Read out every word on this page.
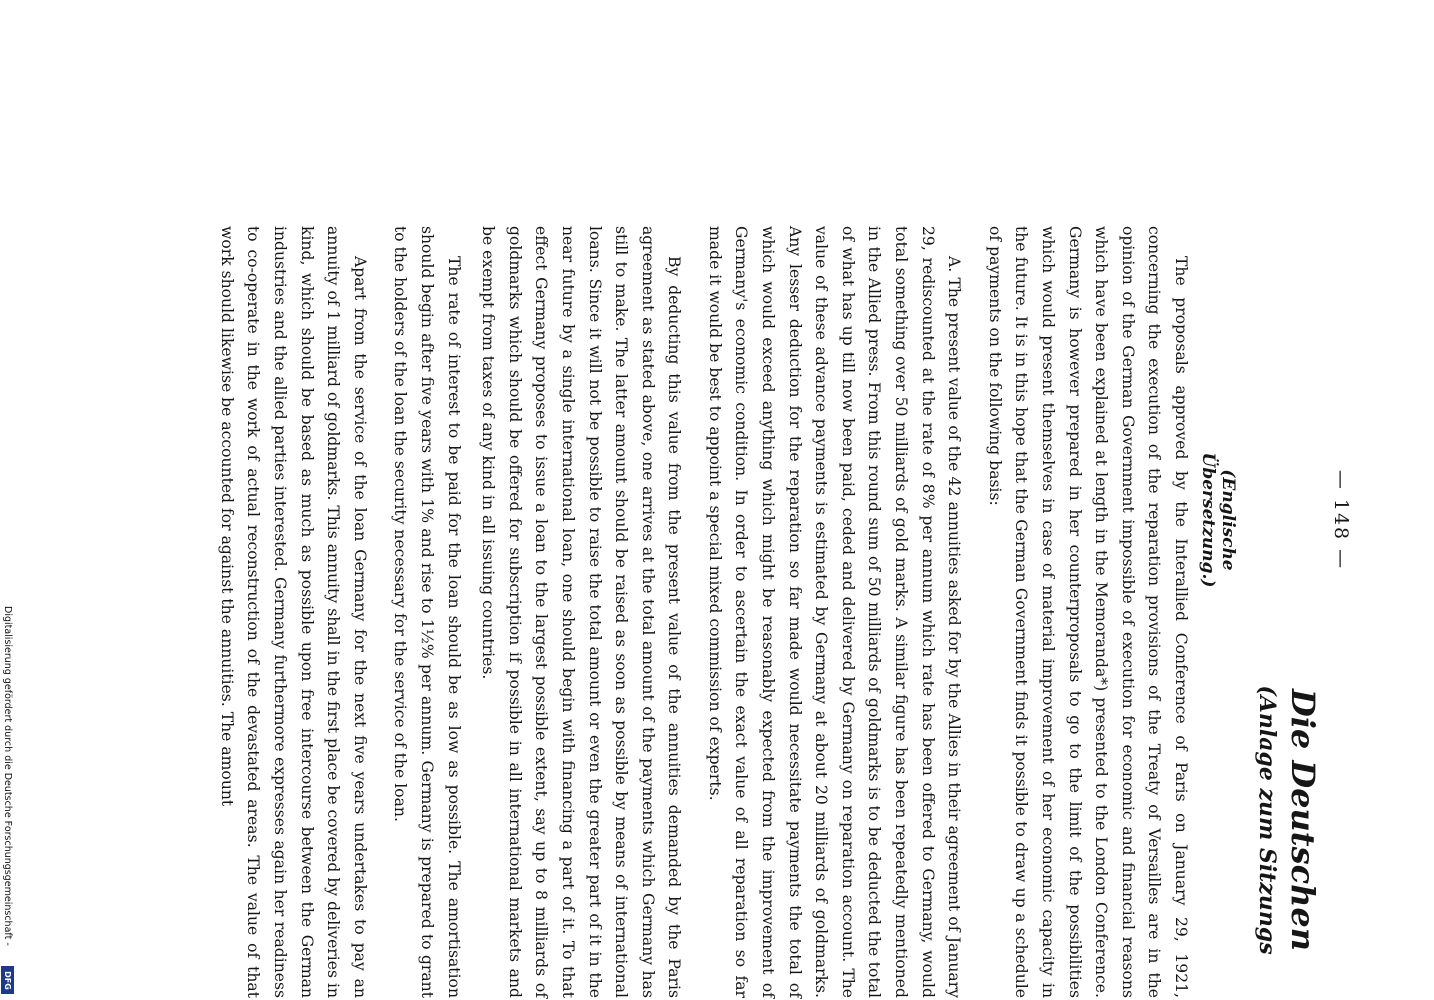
— 148 —
Die Deutschen
(Anlage zum Sitzungs
(Englische Übersetzung.)

The proposals approved by the Interallied Conference of Paris on January 29, 1921, concerning the execution of the reparation provisions of the Treaty of Versailles are in the opinion of the German Government impossible of execution for economic and financial reasons which have been explained at length in the Memoranda*) presented to the London Conference. Germany is however prepared in her counterproposals to go to the limit of the possibilities which would present themselves in case of material improvement of her economic capacity in the future. It is in this hope that the German Government finds it possible to draw up a schedule of payments on the following basis:

A. The present value of the 42 annuities asked for by the Allies in their agreement of January 29, rediscounted at the rate of 8% per annum which rate has been offered to Germany, would total something over 50 milliards of gold marks. A similar figure has been repeatedly mentioned in the Allied press. From this round sum of 50 milliards of goldmarks is to be deducted the total of what has up till now been paid, ceded and delivered by Germany on reparation account. The value of these advance payments is estimated by Germany at about 20 milliards of goldmarks. Any lesser deduction for the reparation so far made would necessitate payments the total of which would exceed anything which might be reasonably expected from the improvement of Germany's economic condition. In order to ascertain the exact value of all reparation so far made it would be best to appoint a special mixed commission of experts.

By deducting this value from the present value of the annuities demanded by the Paris agreement as stated above, one arrives at the total amount of the payments which Germany has still to make. The latter amount should be raised as soon as possible by means of international loans. Since it will not be possible to raise the total amount or even the greater part of it in the near future by a single international loan, one should begin with financing a part of it. To that effect Germany proposes to issue a loan to the largest possible extent, say up to 8 milliards of goldmarks which should be offered for subscription if possible in all international markets and be exempt from taxes of any kind in all issuing countries.

The rate of interest to be paid for the loan should be as low as possible. The amortisation should begin after five years with 1% and rise to 1½% per annum. Germany is prepared to grant to the holders of the loan the security necessary for the service of the loan.

Apart from the service of the loan Germany for the next five years undertakes to pay an annuity of 1 milliard of goldmarks. This annuity shall in the first place be covered by deliveries in kind, which should be based as much as possible upon free intercourse between the German industries and the allied parties interested. Germany furthermore expresses again her readiness to co-operate in the work of actual reconstruction of the devastated areas. The value of that work should likewise be accounted for against the annuities. The amount

Digitalisierung gefördert durch die Deutsche Forschungsgemeinschaft -
DFG
